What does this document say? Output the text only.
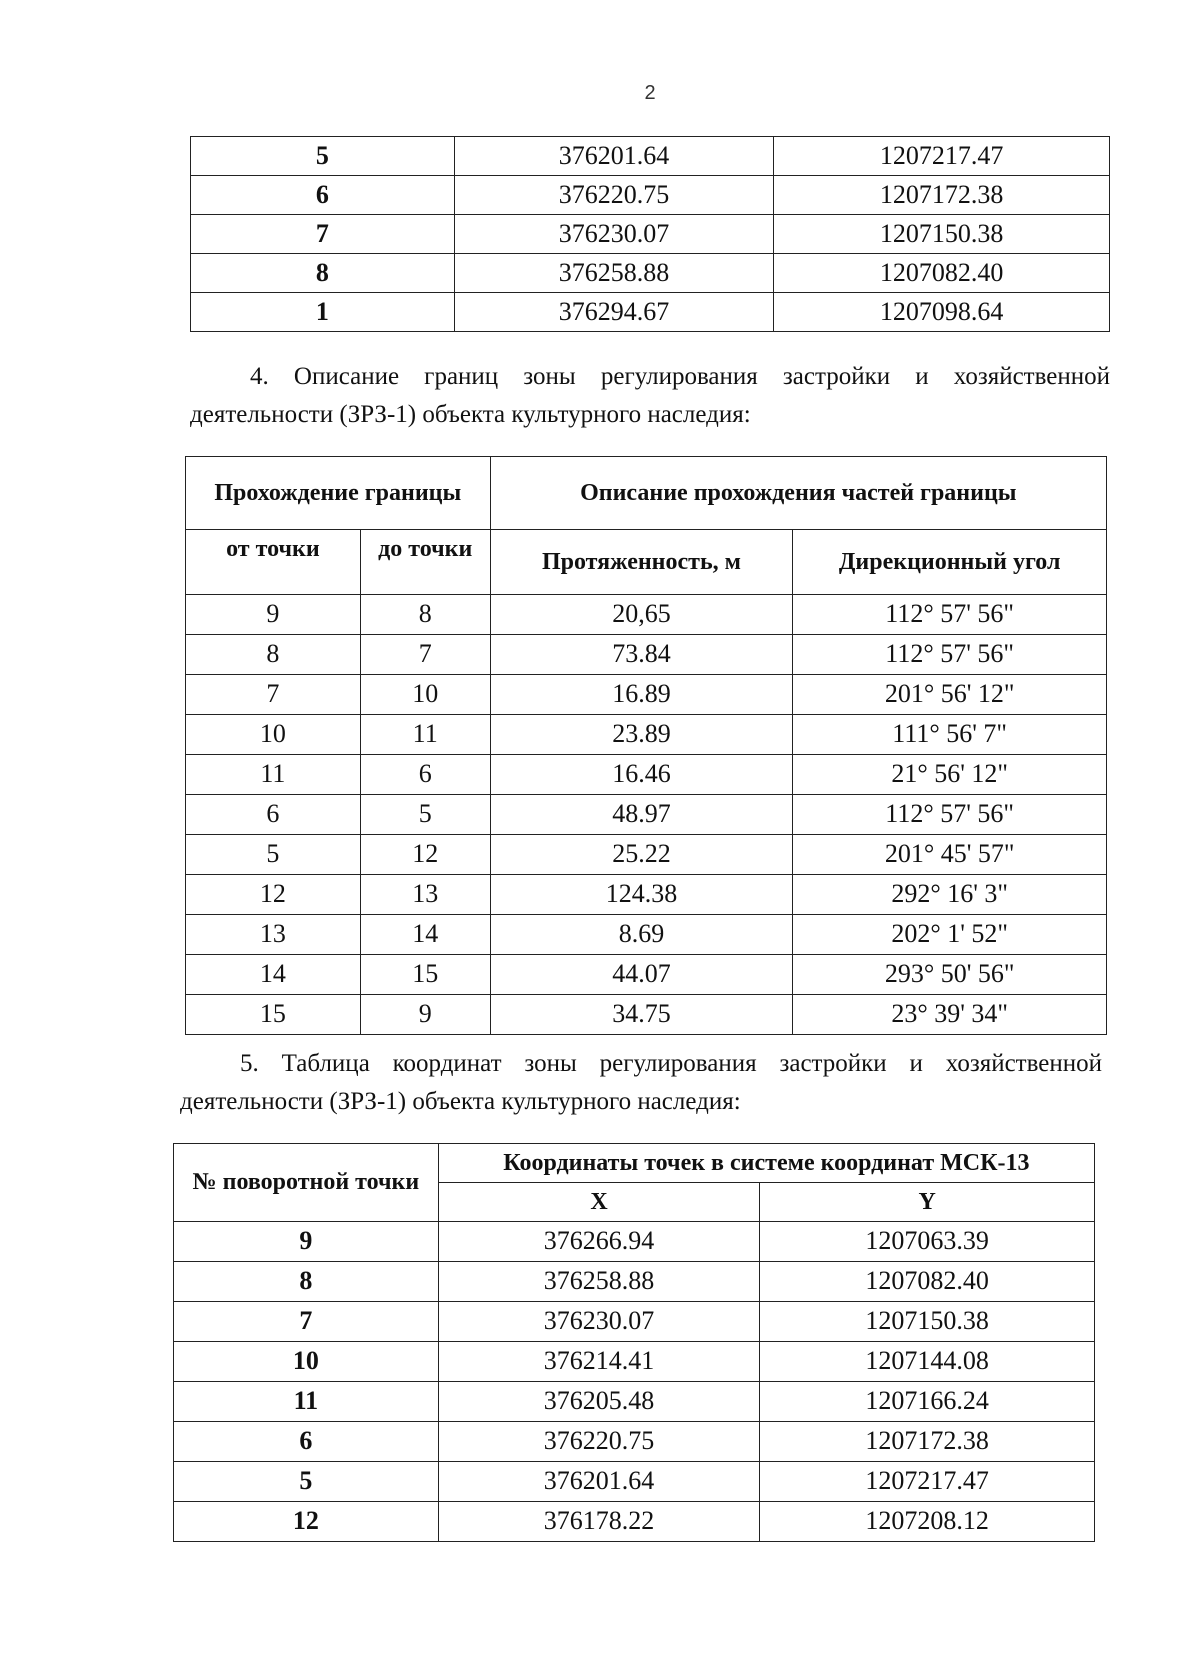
2
5	376201.64	1207217.47
6	376220.75	1207172.38
7	376230.07	1207150.38
8	376258.88	1207082.40
1	376294.67	1207098.64
4. Описание границ зоны регулирования застройки и хозяйственной деятельности (ЗРЗ-1) объекта культурного наследия:
Прохождение границы		Описание прохождения частей границы	
от точки	до точки	Протяженность, м	Дирекционный угол
9	8	20,65	112° 57' 56"
8	7	73.84	112° 57' 56"
7	10	16.89	201° 56' 12"
10	11	23.89	111° 56' 7"
11	6	16.46	21° 56' 12"
6	5	48.97	112° 57' 56"
5	12	25.22	201° 45' 57"
12	13	124.38	292° 16' 3"
13	14	8.69	202° 1' 52"
14	15	44.07	293° 50' 56"
15	9	34.75	23° 39' 34"
5. Таблица координат зоны регулирования застройки и хозяйственной деятельности (ЗРЗ-1) объекта культурного наследия:
№ поворотной точки	Координаты точек в системе координат МСК-13	
	X	Y
9	376266.94	1207063.39
8	376258.88	1207082.40
7	376230.07	1207150.38
10	376214.41	1207144.08
11	376205.48	1207166.24
6	376220.75	1207172.38
5	376201.64	1207217.47
12	376178.22	1207208.12
